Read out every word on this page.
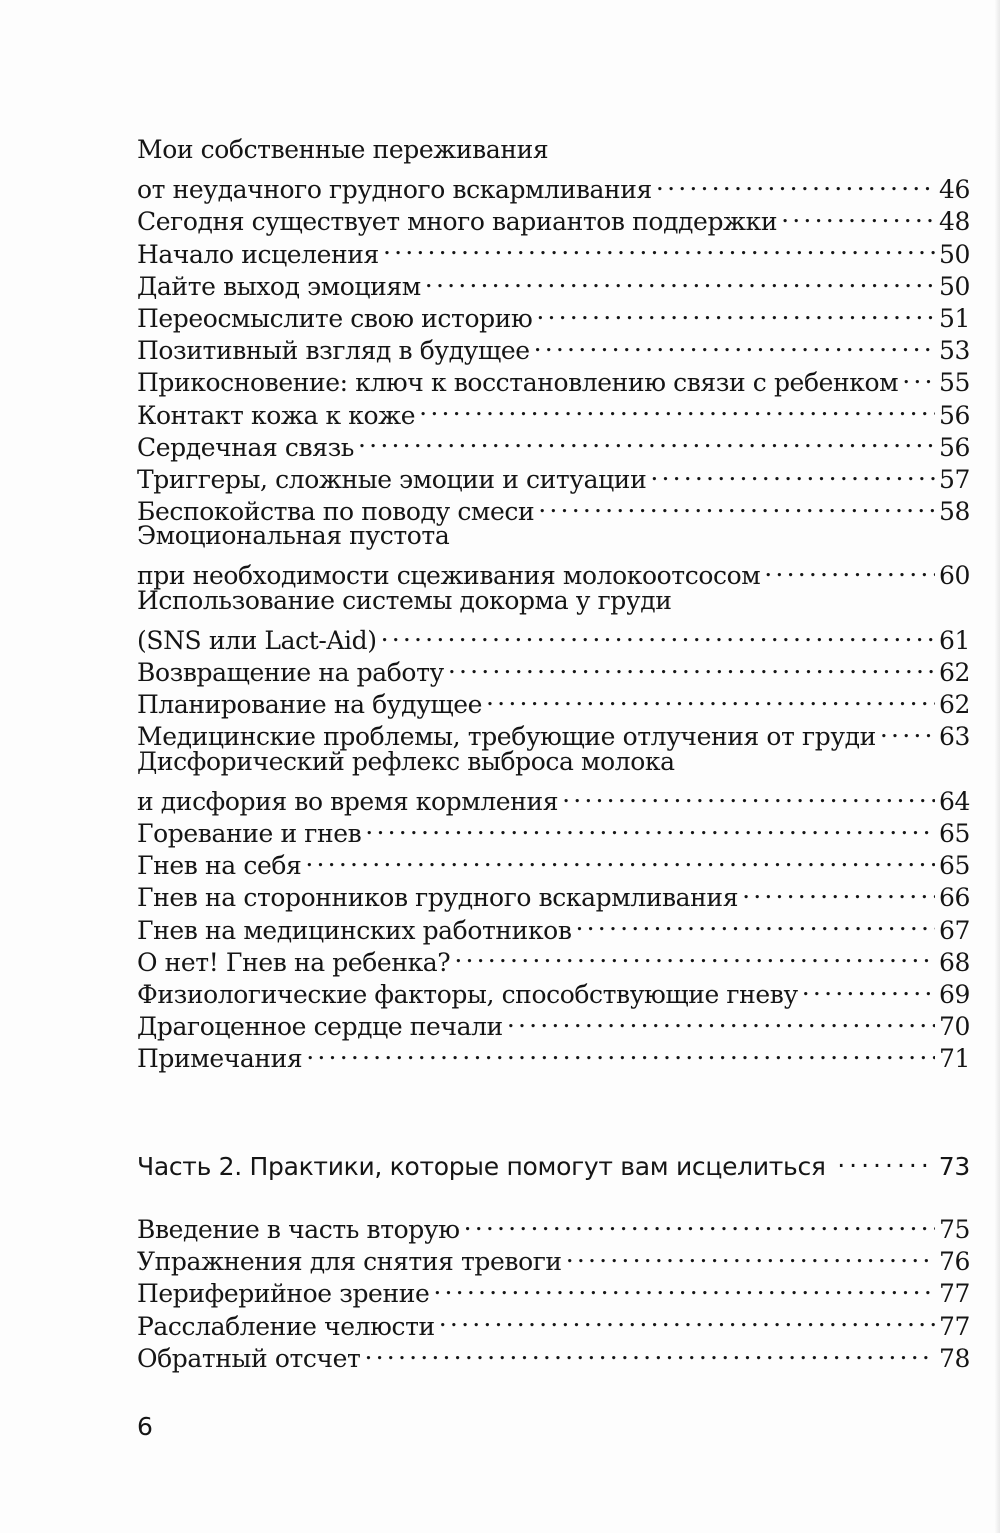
Мои собственные переживания
от неудачного грудного вскармливания .....	46
Сегодня существует много вариантов поддержки .....	48
Начало исцеления .....	50
Дайте выход эмоциям .....	50
Переосмыслите свою историю .....	51
Позитивный взгляд в будущее .....	53
Прикосновение: ключ к восстановлению связи с ребенком ..... 55
Контакт кожа к коже .....	56
Сердечная связь .....	56
Триггеры, сложные эмоции и ситуации .....	57
Беспокойства по поводу смеси .....	58
Эмоциональная пустота
при необходимости сцеживания молокоотсосом .....	60
Использование системы докорма у груди
(SNS или Lact-Aid) .....	61
Возвращение на работу .....	62
Планирование на будущее .....	62
Медицинские проблемы, требующие отлучения от груди .....	63
Дисфорический рефлекс выброса молока
и дисфория во время кормления .....	64
Горевание и гнев .....	65
Гнев на себя .....	65
Гнев на сторонников грудного вскармливания .....	66
Гнев на медицинских работников .....	67
О нет! Гнев на ребенка? .....	68
Физиологические факторы, способствующие гневу .....	69
Драгоценное сердце печали .....	70
Примечания .....	71
Часть 2. Практики, которые помогут вам исцелиться .....	73
Введение в часть вторую .....	75
Упражнения для снятия тревоги .....	76
Периферийное зрение .....	77
Расслабление челюсти .....	77
Обратный отсчет .....	78
6
